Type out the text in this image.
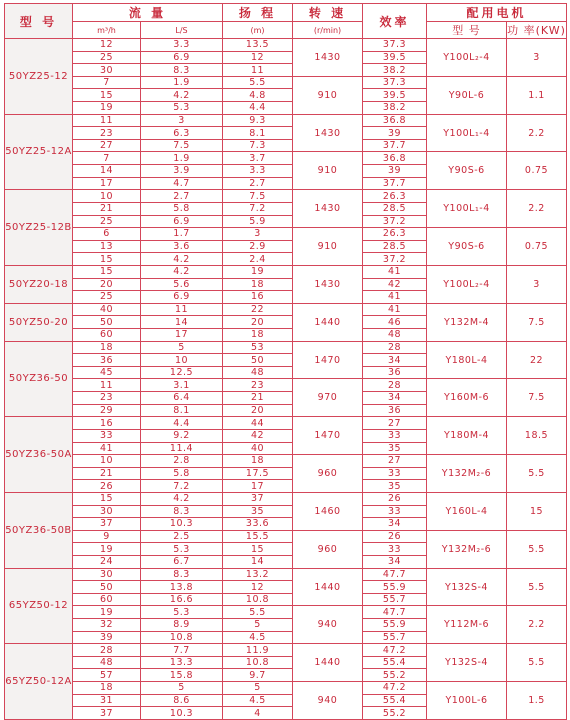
型 号	流 量		扬 程	转 速	效率	配用电机	
	m³/h	L/S	(m)	(r/min)		型 号	功 率(KW)
50YZ25-12	12	3.3	13.5	1430	37.3	Y100L₂-4	3
	25	6.9	12		39.5		
	30	8.3	11		38.2		
	7	1.9	5.5	910	37.3	Y90L-6	1.1
	15	4.2	4.8		39.5		
	19	5.3	4.4		38.2		
50YZ25-12A	11	3	9.3	1430	36.8	Y100L₁-4	2.2
	23	6.3	8.1		39		
	27	7.5	7.3		37.7		
	7	1.9	3.7	910	36.8	Y90S-6	0.75
	14	3.9	3.3		39		
	17	4.7	2.7		37.7		
50YZ25-12B	10	2.7	7.5	1430	26.3	Y100L₁-4	2.2
	21	5.8	7.2		28.5		
	25	6.9	5.9		37.2		
	6	1.7	3	910	26.3	Y90S-6	0.75
	13	3.6	2.9		28.5		
	15	4.2	2.4		37.2		
50YZ20-18	15	4.2	19	1430	41	Y100L₂-4	3
	20	5.6	18		42		
	25	6.9	16		41		
50YZ50-20	40	11	22	1440	41	Y132M-4	7.5
	50	14	20		46		
	60	17	18		48		
50YZ36-50	18	5	53	1470	28	Y180L-4	22
	36	10	50		34		
	45	12.5	48		36		
	11	3.1	23	970	28	Y160M-6	7.5
	23	6.4	21		34		
	29	8.1	20		36		
50YZ36-50A	16	4.4	44	1470	27	Y180M-4	18.5
	33	9.2	42		33		
	41	11.4	40		35		
	10	2.8	18	960	27	Y132M₂-6	5.5
	21	5.8	17.5		33		
	26	7.2	17		35		
50YZ36-50B	15	4.2	37	1460	26	Y160L-4	15
	30	8.3	35		33		
	37	10.3	33.6		34		
	9	2.5	15.5	960	26	Y132M₂-6	5.5
	19	5.3	15		33		
	24	6.7	14		34		
65YZ50-12	30	8.3	13.2	1440	47.7	Y132S-4	5.5
	50	13.8	12		55.9		
	60	16.6	10.8		55.7		
	19	5.3	5.5	940	47.7	Y112M-6	2.2
	32	8.9	5		55.9		
	39	10.8	4.5		55.7		
65YZ50-12A	28	7.7	11.9	1440	47.2	Y132S-4	5.5
	48	13.3	10.8		55.4		
	57	15.8	9.7		55.2		
	18	5	5	940	47.2	Y100L-6	1.5
	31	8.6	4.5		55.4		
	37	10.3	4		55.2		
